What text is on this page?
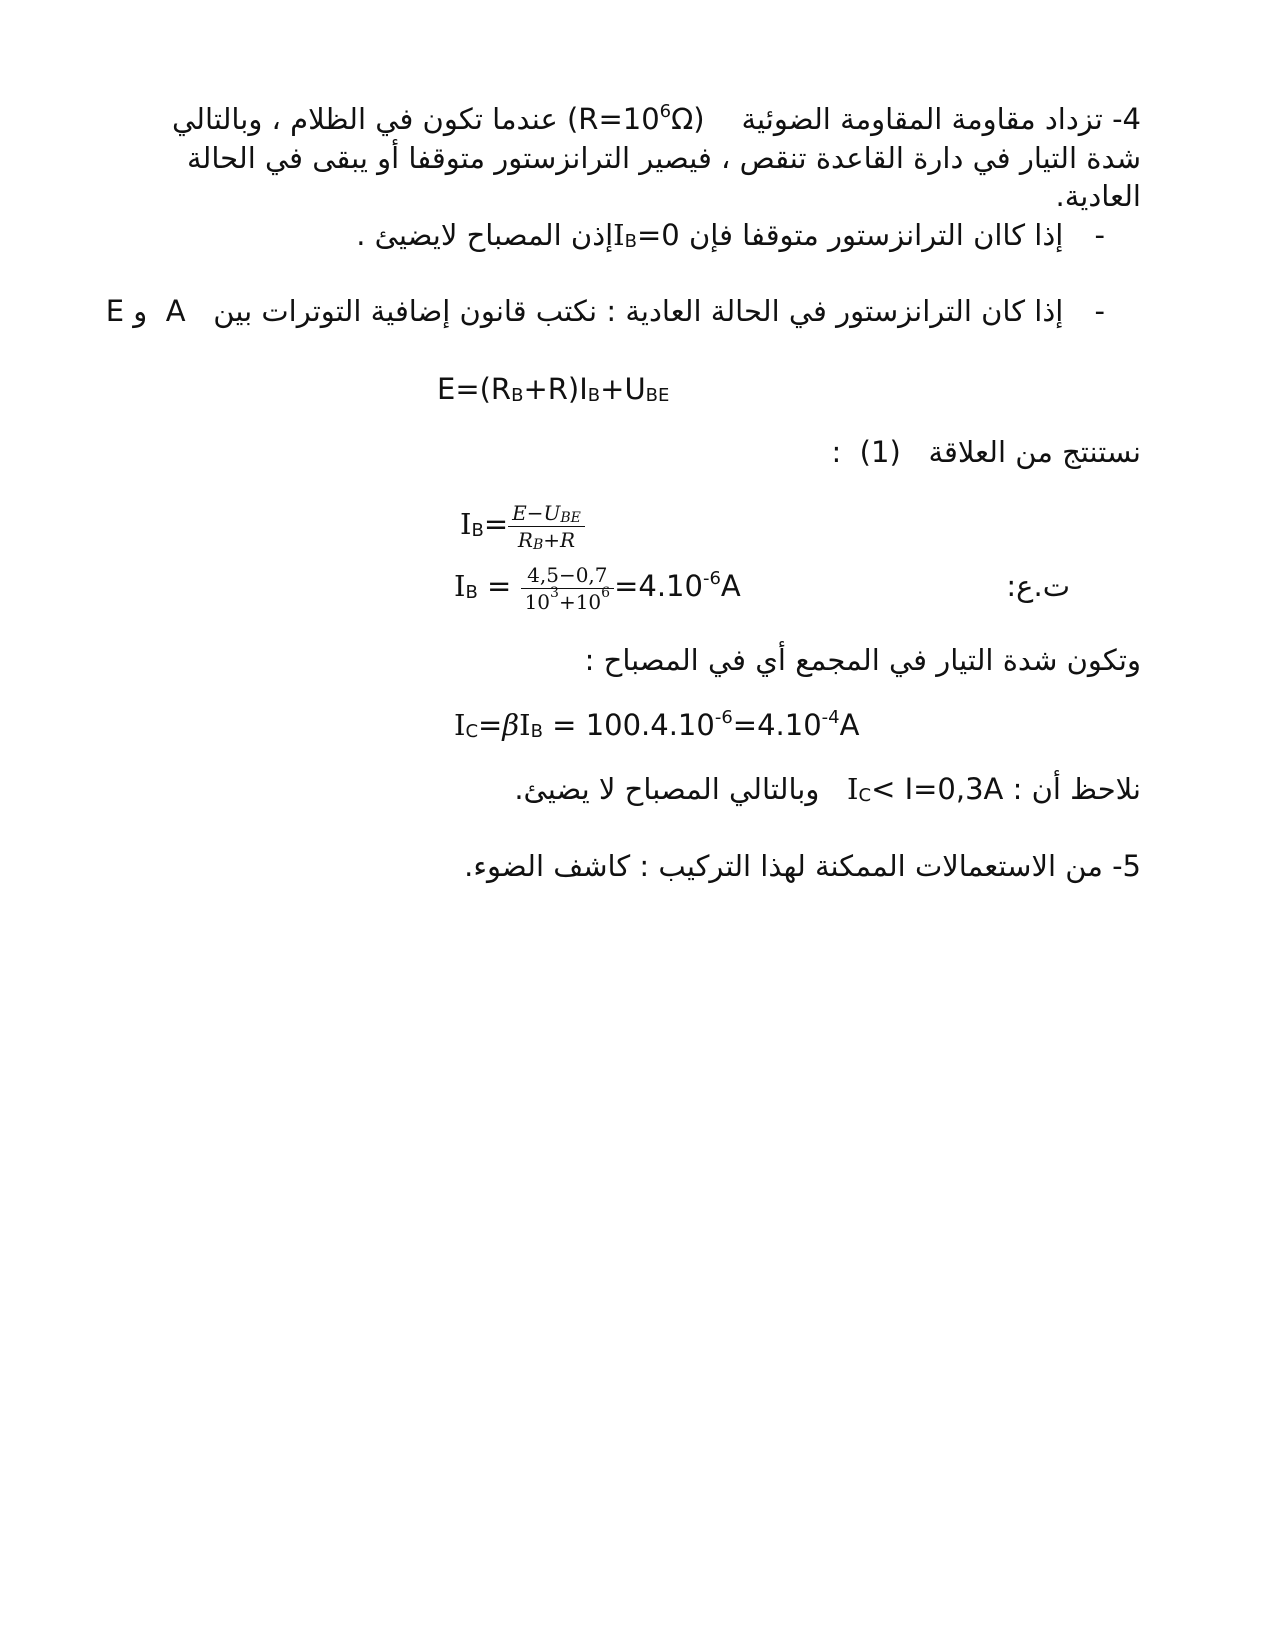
4- تزداد مقاومة المقاومة الضوئية    $(R=10^6\Omega)$ عندما تكون في الظلام ، وبالتالي
شدة التيار في دارة القاعدة تنقص ، فيصير الترانزستور متوقفا أو يبقى في الحالة
العادية.
- إذا كاان الترانزستور متوقفا فإن $I_B=0إذن$ المصباح لايضيئ .
- إذا كان الترانزستور في الحالة العادية : نكتب قانون إضافية التوترات بين   A  و E
$E=(R_B+R)I_B+U_{BE}$
نستنتج من العلاقة   (1)  :
$I_B= \frac{E-U_{BE}}{R_B+R}$
ت.ع:
$I_B = \frac{4,5-0,7}{10^3+10^6} =4.10^{-6}A$
وتكون شدة التيار في المجمع أي في المصباح :
$I_C=\beta I_B = 100.4.10^{-6}=4.10^{-4}A$
نلاحظ أن : $I_C< I=0,3A$   وبالتالي المصباح لا يضيئ.
5- من الاستعمالات الممكنة لهذا التركيب : كاشف الضوء.
